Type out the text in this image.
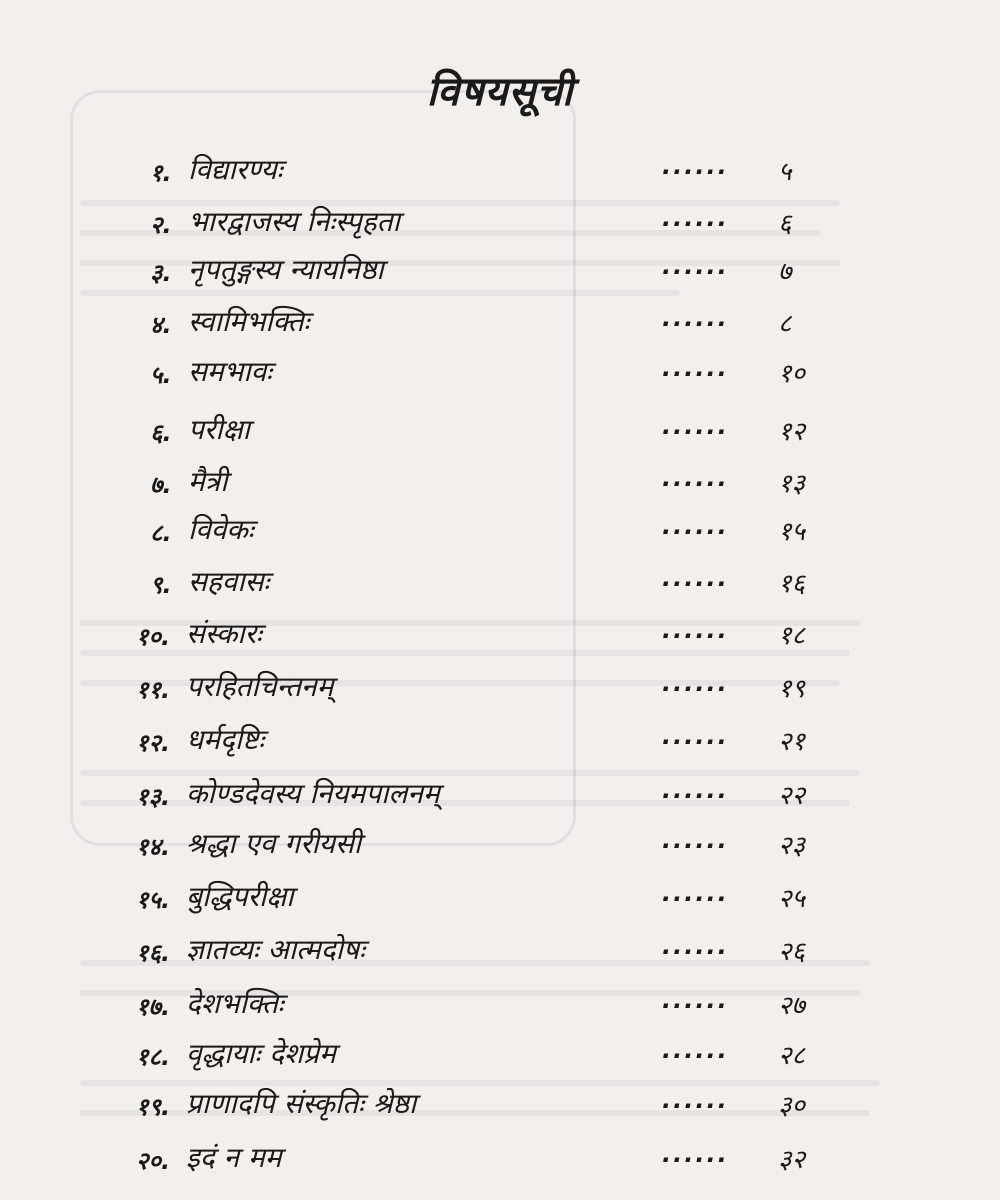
विषयसूची
१. विद्यारण्यः	...... ५
२. भारद्वाजस्य निःस्पृहता	...... ६
३. नृपतुङ्गस्य न्यायनिष्ठा	...... ७
४. स्वामिभक्तिः	...... ८
५. समभावः	...... १०
६. परीक्षा	...... १२
७. मैत्री	...... १३
८. विवेकः	...... १५
९. सहवासः	...... १६
१०. संस्कारः	...... १८
११. परहितचिन्तनम्	...... १९
१२. धर्मदृष्टिः	...... २१
१३. कोण्डदेवस्य नियमपालनम्	...... २२
१४. श्रद्धा एव गरीयसी	...... २३
१५. बुद्धिपरीक्षा	...... २५
१६. ज्ञातव्यः आत्मदोषः	...... २६
१७. देशभक्तिः	...... २७
१८. वृद्धायाः देशप्रेम	...... २८
१९. प्राणादपि संस्कृतिः श्रेष्ठा	...... ३०
२०. इदं न मम	...... ३२
